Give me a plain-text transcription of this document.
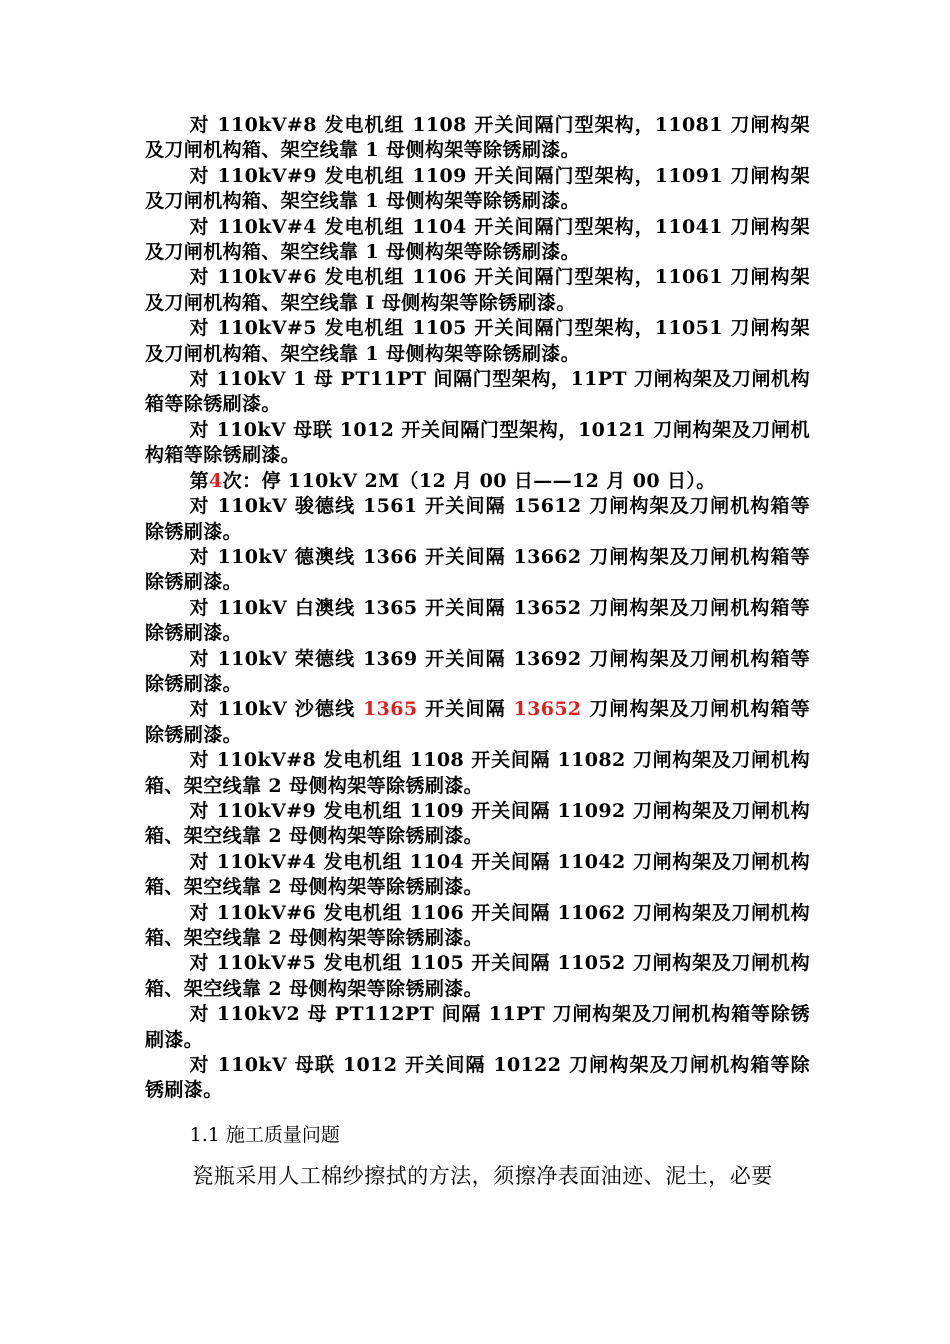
对 110kV#8 发电机组 1108 开关间隔门型架构，11081 刀闸构架及刀闸机构箱、架空线靠 1 母侧构架等除锈刷漆。

对 110kV#9 发电机组 1109 开关间隔门型架构，11091 刀闸构架及刀闸机构箱、架空线靠 1 母侧构架等除锈刷漆。

对 110kV#4 发电机组 1104 开关间隔门型架构，11041 刀闸构架及刀闸机构箱、架空线靠 1 母侧构架等除锈刷漆。

对 110kV#6 发电机组 1106 开关间隔门型架构，11061 刀闸构架及刀闸机构箱、架空线靠 I 母侧构架等除锈刷漆。

对 110kV#5 发电机组 1105 开关间隔门型架构，11051 刀闸构架及刀闸机构箱、架空线靠 1 母侧构架等除锈刷漆。

对 110kV 1 母 PT11PT 间隔门型架构，11PT 刀闸构架及刀闸机构箱等除锈刷漆。

对 110kV 母联 1012 开关间隔门型架构，10121 刀闸构架及刀闸机构箱等除锈刷漆。

第4次：停 110kV 2M（12 月 00 日——12 月 00 日）。

对 110kV 骏德线 1561 开关间隔 15612 刀闸构架及刀闸机构箱等除锈刷漆。

对 110kV 德澳线 1366 开关间隔 13662 刀闸构架及刀闸机构箱等除锈刷漆。

对 110kV 白澳线 1365 开关间隔 13652 刀闸构架及刀闸机构箱等除锈刷漆。

对 110kV 荣德线 1369 开关间隔 13692 刀闸构架及刀闸机构箱等除锈刷漆。

对 110kV 沙德线 1365 开关间隔 13652 刀闸构架及刀闸机构箱等除锈刷漆。

对 110kV#8 发电机组 1108 开关间隔 11082 刀闸构架及刀闸机构箱、架空线靠 2 母侧构架等除锈刷漆。

对 110kV#9 发电机组 1109 开关间隔 11092 刀闸构架及刀闸机构箱、架空线靠 2 母侧构架等除锈刷漆。

对 110kV#4 发电机组 1104 开关间隔 11042 刀闸构架及刀闸机构箱、架空线靠 2 母侧构架等除锈刷漆。

对 110kV#6 发电机组 1106 开关间隔 11062 刀闸构架及刀闸机构箱、架空线靠 2 母侧构架等除锈刷漆。

对 110kV#5 发电机组 1105 开关间隔 11052 刀闸构架及刀闸机构箱、架空线靠 2 母侧构架等除锈刷漆。

对 110kV2 母 PT112PT 间隔 11PT 刀闸构架及刀闸机构箱等除锈刷漆。

对 110kV 母联 1012 开关间隔 10122 刀闸构架及刀闸机构箱等除锈刷漆。

1.1 施工质量问题

瓷瓶采用人工棉纱擦拭的方法，须擦净表面油迹、泥土，必要
